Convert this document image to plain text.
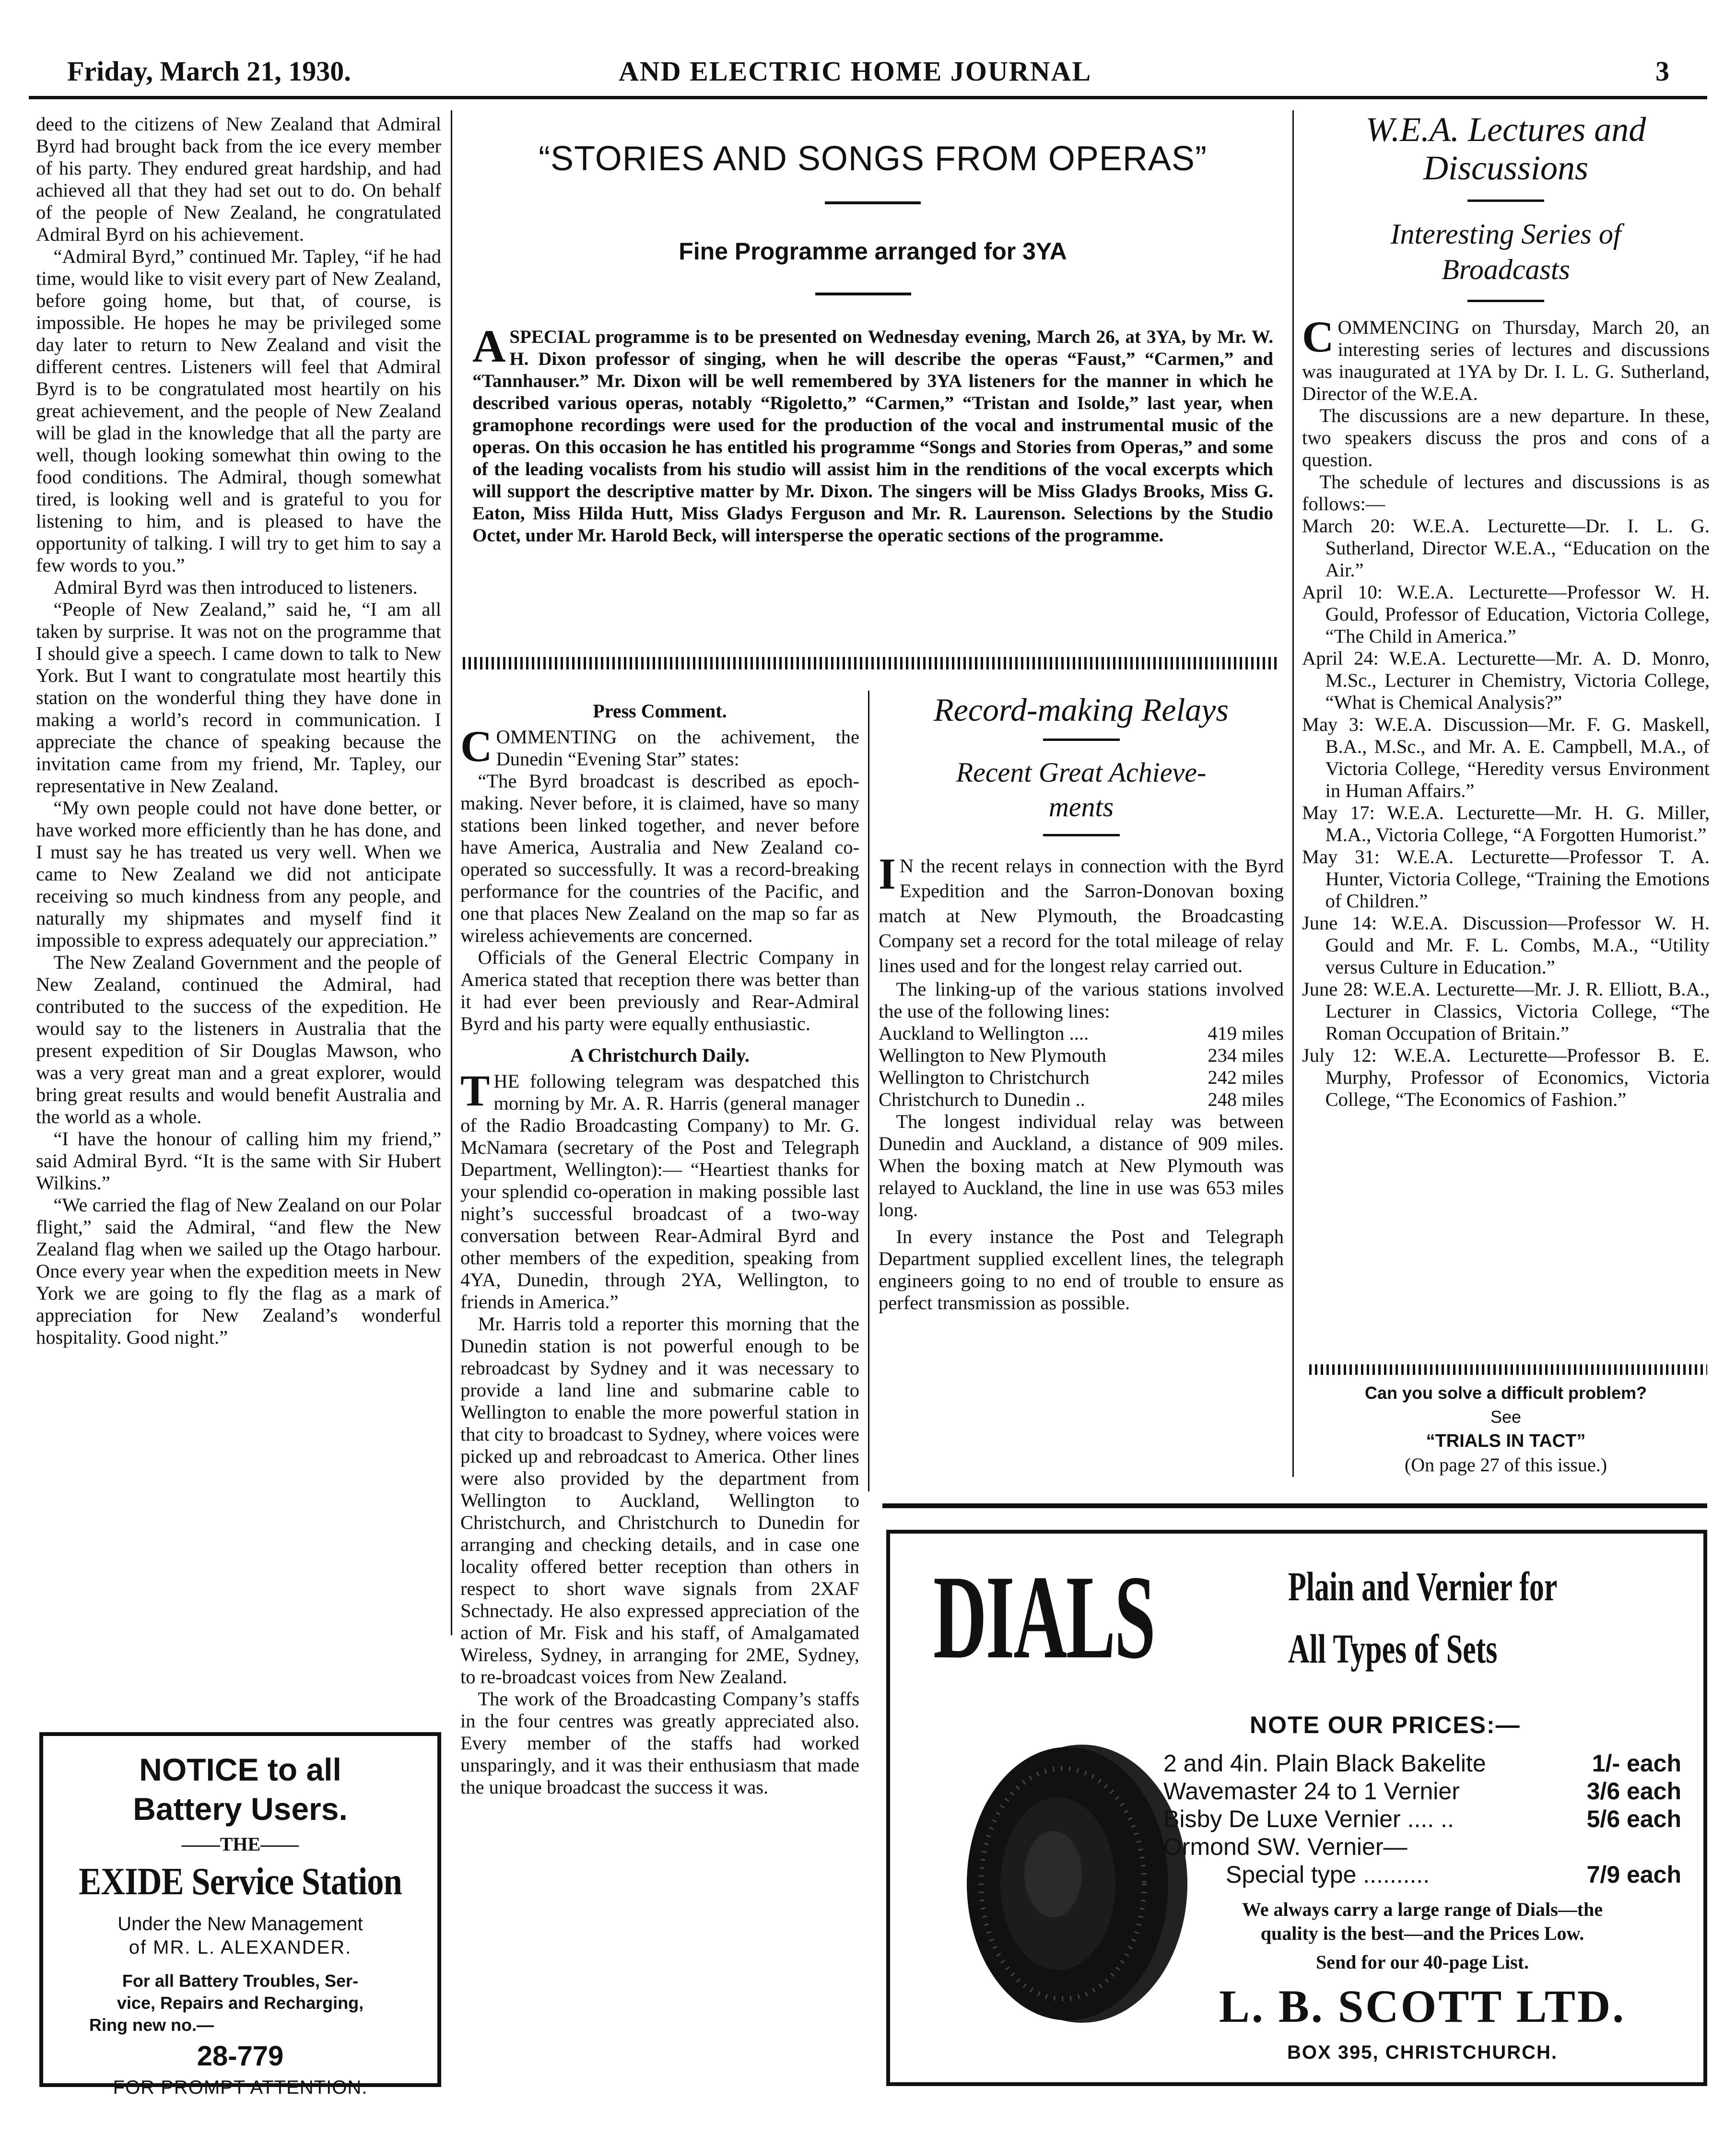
Friday, March 21, 1930.	AND ELECTRIC HOME JOURNAL	3

deed to the citizens of New Zealand that Admiral Byrd had brought back from the ice every member of his party. They endured great hardship, and had achieved all that they had set out to do. On behalf of the people of New Zealand, he congratulated Admiral Byrd on his achievement.

“Admiral Byrd,” continued Mr. Tapley, “if he had time, would like to visit every part of New Zealand, before going home, but that, of course, is impossible. He hopes he may be privileged some day later to return to New Zealand and visit the different centres. Listeners will feel that Admiral Byrd is to be congratulated most heartily on his great achievement, and the people of New Zealand will be glad in the knowledge that all the party are well, though looking somewhat thin owing to the food conditions. The Admiral, though somewhat tired, is looking well and is grateful to you for listening to him, and is pleased to have the opportunity of talking. I will try to get him to say a few words to you.”

Admiral Byrd was then introduced to listeners.

“People of New Zealand,” said he, “I am all taken by surprise. It was not on the programme that I should give a speech. I came down to talk to New York. But I want to congratulate most heartily this station on the wonderful thing they have done in making a world’s record in communication. I appreciate the chance of speaking because the invitation came from my friend, Mr. Tapley, our representative in New Zealand.

“My own people could not have done better, or have worked more efficiently than he has done, and I must say he has treated us very well. When we came to New Zealand we did not anticipate receiving so much kindness from any people, and naturally my shipmates and myself find it impossible to express adequately our appreciation.”

The New Zealand Government and the people of New Zealand, continued the Admiral, had contributed to the success of the expedition. He would say to the listeners in Australia that the present expedition of Sir Douglas Mawson, who was a very great man and a great explorer, would bring great results and would benefit Australia and the world as a whole.

“I have the honour of calling him my friend,” said Admiral Byrd. “It is the same with Sir Hubert Wilkins.”

“We carried the flag of New Zealand on our Polar flight,” said the Admiral, “and flew the New Zealand flag when we sailed up the Otago harbour. Once every year when the expedition meets in New York we are going to fly the flag as a mark of appreciation for New Zealand’s wonderful hospitality. Good night.”

NOTICE to all
Battery Users.
——THE——
EXIDE Service Station
Under the New Management
of MR. L. ALEXANDER.
For all Battery Troubles, Ser-
vice, Repairs and Recharging,
Ring new no.—
28-779
FOR PROMPT ATTENTION.
“STORIES AND SONGS FROM OPERAS”
Fine Programme arranged for 3YA
A SPECIAL programme is to be presented on Wednesday evening, March 26, at 3YA, by Mr. W. H. Dixon professor of singing, when he will describe the operas “Faust,” “Carmen,” and “Tannhauser.” Mr. Dixon will be well remembered by 3YA listeners for the manner in which he described various operas, notably “Rigoletto,” “Carmen,” “Tristan and Isolde,” last year, when gramophone recordings were used for the production of the vocal and instrumental music of the operas. On this occasion he has entitled his programme “Songs and Stories from Operas,” and some of the leading vocalists from his studio will assist him in the renditions of the vocal excerpts which will support the descriptive matter by Mr. Dixon. The singers will be Miss Gladys Brooks, Miss G. Eaton, Miss Hilda Hutt, Miss Gladys Ferguson and Mr. R. Laurenson. Selections by the Studio Octet, under Mr. Harold Beck, will intersperse the operatic sections of the programme.
Press Comment.

COMMENTING on the achivement, the Dunedin “Evening Star” states:

“The Byrd broadcast is described as epoch-making. Never before, it is claimed, have so many stations been linked together, and never before have America, Australia and New Zealand co-operated so successfully. It was a record-breaking performance for the countries of the Pacific, and one that places New Zealand on the map so far as wireless achievements are concerned.

Officials of the General Electric Company in America stated that reception there was better than it had ever been previously and Rear-Admiral Byrd and his party were equally enthusiastic.

A Christchurch Daily.

THE following telegram was despatched this morning by Mr. A. R. Harris (general manager of the Radio Broadcasting Company) to Mr. G. McNamara (secretary of the Post and Telegraph Department, Wellington):— “Heartiest thanks for your splendid co-operation in making possible last night’s successful broadcast of a two-way conversation between Rear-Admiral Byrd and other members of the expedition, speaking from 4YA, Dunedin, through 2YA, Wellington, to friends in America.”

Mr. Harris told a reporter this morning that the Dunedin station is not powerful enough to be rebroadcast by Sydney and it was necessary to provide a land line and submarine cable to Wellington to enable the more powerful station in that city to broadcast to Sydney, where voices were picked up and rebroadcast to America. Other lines were also provided by the department from Wellington to Auckland, Wellington to Christchurch, and Christchurch to Dunedin for arranging and checking details, and in case one locality offered better reception than others in respect to short wave signals from 2XAF Schnectady. He also expressed appreciation of the action of Mr. Fisk and his staff, of Amalgamated Wireless, Sydney, in arranging for 2ME, Sydney, to re-broadcast voices from New Zealand.

The work of the Broadcasting Company’s staffs in the four centres was greatly appreciated also. Every member of the staffs had worked unsparingly, and it was their enthusiasm that made the unique broadcast the success it was.

Record-making Relays
Recent Great Achieve-
ments

I N the recent relays in connection with the Byrd Expedition and the Sarron-Donovan boxing match at New Plymouth, the Broadcasting Company set a record for the total mileage of relay lines used and for the longest relay carried out.

The linking-up of the various stations involved the use of the following lines:

Auckland to Wellington ....	419 miles
Wellington to New Plymouth	234 miles
Wellington to Christchurch	242 miles
Christchurch to Dunedin ..	248 miles

The longest individual relay was between Dunedin and Auckland, a distance of 909 miles. When the boxing match at New Plymouth was relayed to Auckland, the line in use was 653 miles long.

In every instance the Post and Telegraph Department supplied excellent lines, the telegraph engineers going to no end of trouble to ensure as perfect transmission as possible.

W.E.A. Lectures and
Discussions
Interesting Series of
Broadcasts

COMMENCING on Thursday, March 20, an interesting series of lectures and discussions was inaugurated at 1YA by Dr. I. L. G. Sutherland, Director of the W.E.A.

The discussions are a new departure. In these, two speakers discuss the pros and cons of a question.

The schedule of lectures and discussions is as follows:—

March 20: W.E.A. Lecturette—Dr. I. L. G. Sutherland, Director W.E.A., “Education on the Air.”

April 10: W.E.A. Lecturette—Professor W. H. Gould, Professor of Education, Victoria College, “The Child in America.”

April 24: W.E.A. Lecturette—Mr. A. D. Monro, M.Sc., Lecturer in Chemistry, Victoria College, “What is Chemical Analysis?”

May 3: W.E.A. Discussion—Mr. F. G. Maskell, B.A., M.Sc., and Mr. A. E. Campbell, M.A., of Victoria College, “Heredity versus Environment in Human Affairs.”

May 17: W.E.A. Lecturette—Mr. H. G. Miller, M.A., Victoria College, “A Forgotten Humorist.”

May 31: W.E.A. Lecturette—Professor T. A. Hunter, Victoria College, “Training the Emotions of Children.”

June 14: W.E.A. Discussion—Professor W. H. Gould and Mr. F. L. Combs, M.A., “Utility versus Culture in Education.”

June 28: W.E.A. Lecturette—Mr. J. R. Elliott, B.A., Lecturer in Classics, Victoria College, “The Roman Occupation of Britain.”

July 12: W.E.A. Lecturette—Professor B. E. Murphy, Professor of Economics, Victoria College, “The Economics of Fashion.”

Can you solve a difficult problem?
See
“TRIALS IN TACT”
(On page 27 of this issue.)
DIALS	Plain and Vernier for
All Types of Sets
NOTE OUR PRICES:—
2 and 4in. Plain Black Bakelite	1/- each
Wavemaster 24 to 1 Vernier	3/6 each
Bisby De Luxe Vernier .... ..	5/6 each
Ormond SW. Vernier—
Special type ..........	7/9 each
We always carry a large range of Dials—the
quality is the best—and the Prices Low.
Send for our 40-page List.
L. B. SCOTT LTD.
BOX 395, CHRISTCHURCH.
